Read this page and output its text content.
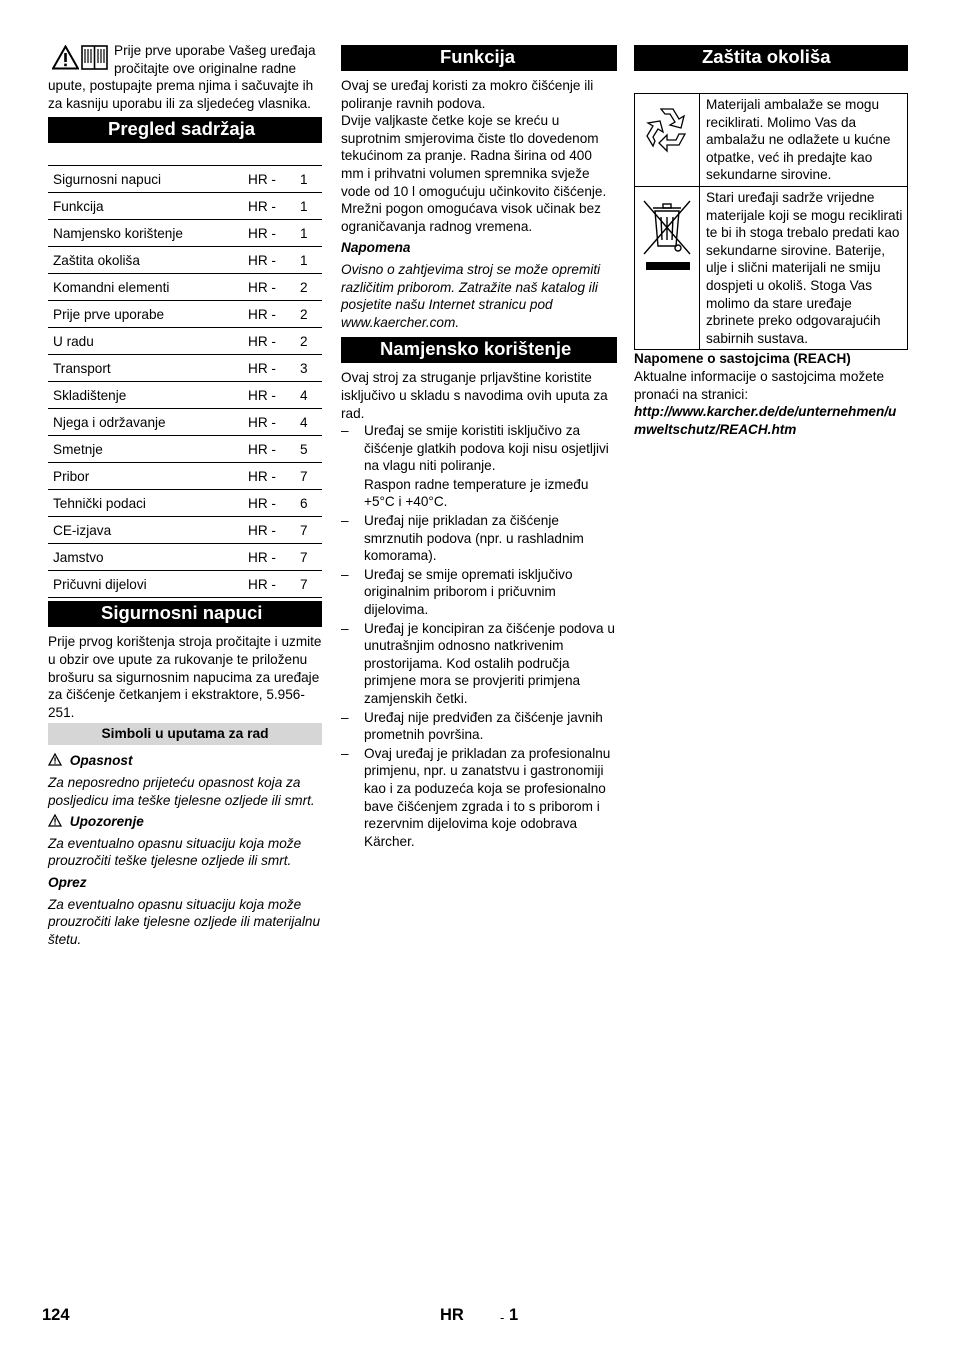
Prije prve uporabe Vašeg uređaja pročitajte ove originalne radne upute, postupajte prema njima i sačuvajte ih za kasniju uporabu ili za sljedećeg vlasnika.

Pregled sadržaja
Sigurnosni napuci	HR -	1
Funkcija	HR -	1
Namjensko korištenje	HR -	1
Zaštita okoliša	HR -	1
Komandni elementi	HR -	2
Prije prve uporabe	HR -	2
U radu	HR -	2
Transport	HR -	3
Skladištenje	HR -	4
Njega i održavanje	HR -	4
Smetnje	HR -	5
Pribor	HR -	7
Tehnički podaci	HR -	6
CE-izjava	HR -	7
Jamstvo	HR -	7
Pričuvni dijelovi	HR -	7
Sigurnosni napuci

Prije prvog korištenja stroja pročitajte i uzmite u obzir ove upute za rukovanje te priloženu brošuru sa sigurnosnim napucima za uređaje za čišćenje četkanjem i ekstraktore, 5.956-251.

Simboli u uputama za rad

Opasnost

Za neposredno prijeteću opasnost koja za posljedicu ima teške tjelesne ozljede ili smrt.

Upozorenje

Za eventualno opasnu situaciju koja može prouzročiti teške tjelesne ozljede ili smrt.

Oprez

Za eventualno opasnu situaciju koja može prouzročiti lake tjelesne ozljede ili materijalnu štetu.

Funkcija

Ovaj se uređaj koristi za mokro čišćenje ili poliranje ravnih podova.

Dvije valjkaste četke koje se kreću u suprotnim smjerovima čiste tlo dovedenom tekućinom za pranje. Radna širina od 400 mm i prihvatni volumen spremnika svježe vode od 10 l omogućuju učinkovito čišćenje.

Mrežni pogon omogućava visok učinak bez ograničavanja radnog vremena.

Napomena

Ovisno o zahtjevima stroj se može opremiti različitim priborom. Zatražite naš katalog ili posjetite našu Internet stranicu pod www.kaercher.com.

Namjensko korištenje

Ovaj stroj za struganje prljavštine koristite isključivo u skladu s navodima ovih uputa za rad.

– Uređaj se smije koristiti isključivo za čišćenje glatkih podova koji nisu osjetljivi na vlagu niti poliranje.

Raspon radne temperature je između +5°C i +40°C.

– Uređaj nije prikladan za čišćenje smrznutih podova (npr. u rashladnim komorama).
– Uređaj se smije opremati isključivo originalnim priborom i pričuvnim dijelovima.
– Uređaj je koncipiran za čišćenje podova u unutrašnjim odnosno natkrivenim prostorijama. Kod ostalih područja primjene mora se provjeriti primjena zamjenskih četki.
– Uređaj nije predviđen za čišćenje javnih prometnih površina.
– Ovaj uređaj je prikladan za profesionalnu primjenu, npr. u zanatstvu i gastronomiji kao i za poduzeća koja se profesionalno bave čišćenjem zgrada i to s priborom i rezervnim dijelovima koje odobrava Kärcher.
Zaštita okoliša
	Materijali ambalaže se mogu reciklirati. Molimo Vas da ambalažu ne odlažete u kućne otpatke, već ih predajte kao sekundarne sirovine.
	Stari uređaji sadrže vrijedne materijale koji se mogu reciklirati te bi ih stoga trebalo predati kao sekundarne sirovine. Baterije, ulje i slični materijali ne smiju dospjeti u okoliš. Stoga Vas molimo da stare uređaje zbrinete preko odgovarajućih sabirnih sustava.

Napomene o sastojcima (REACH)

Aktualne informacije o sastojcima možete pronaći na stranici:

http://www.karcher.de/de/unternehmen/umweltschutz/REACH.htm

124	HR	- 1
